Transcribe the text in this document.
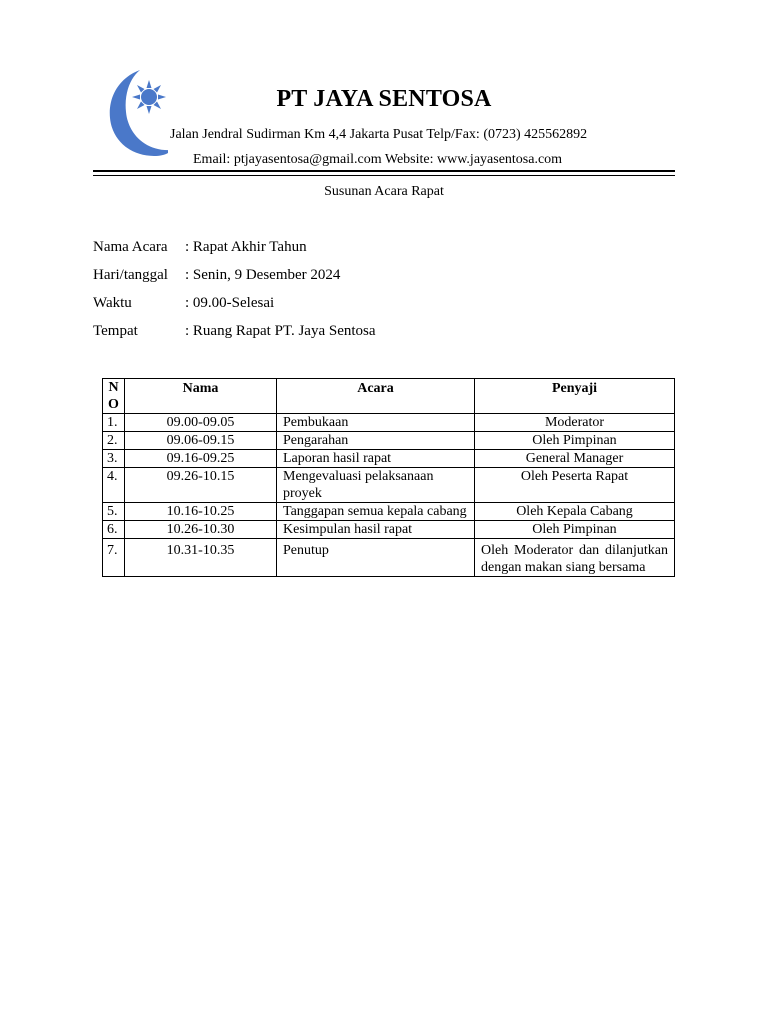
PT JAYA SENTOSA
Jalan Jendral Sudirman Km 4,4 Jakarta Pusat Telp/Fax: (0723) 425562892
Email: ptjayasentosa@gmail.com Website: www.jayasentosa.com
Susunan Acara Rapat
Nama Acara : Rapat Akhir Tahun
Hari/tanggal : Senin, 9 Desember 2024
Waktu	: 09.00-Selesai
Tempat	: Ruang Rapat PT. Jaya Sentosa
N
O	Nama	Acara	Penyaji
1.	09.00-09.05	Pembukaan	Moderator
2.	09.06-09.15	Pengarahan	Oleh Pimpinan
3.	09.16-09.25	Laporan hasil rapat	General Manager
4.	09.26-10.15	Mengevaluasi pelaksanaan proyek	Oleh Peserta Rapat
5.	10.16-10.25	Tanggapan semua kepala cabang	Oleh Kepala Cabang
6.	10.26-10.30	Kesimpulan hasil rapat	Oleh Pimpinan
7.	10.31-10.35	Penutup	Oleh Moderator dan dilanjutkan dengan makan siang bersama
